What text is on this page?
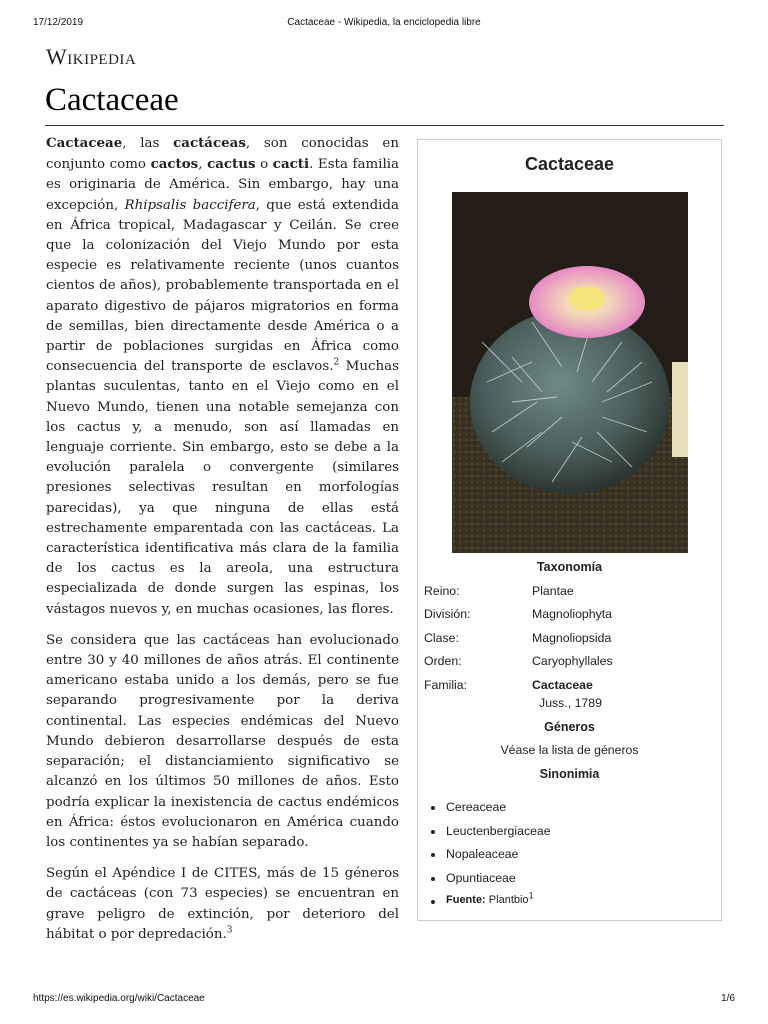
17/12/2019	Cactaceae - Wikipedia, la enciclopedia libre
Wikipedia
Cactaceae

Cactaceae, las cactáceas, son conocidas en conjunto como cactos, cactus o cacti. Esta familia es originaria de América. Sin embargo, hay una excepción, Rhipsalis baccifera, que está extendida en África tropical, Madagascar y Ceilán. Se cree que la colonización del Viejo Mundo por esta especie es relativamente reciente (unos cuantos cientos de años), probablemente transportada en el aparato digestivo de pájaros migratorios en forma de semillas, bien directamente desde América o a partir de poblaciones surgidas en África como consecuencia del transporte de esclavos.$^2$ Muchas plantas suculentas, tanto en el Viejo como en el Nuevo Mundo, tienen una notable semejanza con los cactus y, a menudo, son así llamadas en lenguaje corriente. Sin embargo, esto se debe a la evolución paralela o convergente (similares presiones selectivas resultan en morfologías parecidas), ya que ninguna de ellas está estrechamente emparentada con las cactáceas. La característica identificativa más clara de la familia de los cactus es la areola, una estructura especializada de donde surgen las espinas, los vástagos nuevos y, en muchas ocasiones, las flores.

Se considera que las cactáceas han evolucionado entre 30 y 40 millones de años atrás. El continente americano estaba unido a los demás, pero se fue separando progresivamente por la deriva continental. Las especies endémicas del Nuevo Mundo debieron desarrollarse después de esta separación; el distanciamiento significativo se alcanzó en los últimos 50 millones de años. Esto podría explicar la inexistencia de cactus endémicos en África: éstos evolucionaron en América cuando los continentes ya se habían separado.

Según el Apéndice I de CITES, más de 15 géneros de cactáceas (con 73 especies) se encuentran en grave peligro de extinción, por deterioro del hábitat o por depredación.$^3$

Cactaceae
Taxonomía
Reino:	Plantae
División:	Magnoliophyta
Clase:	Magnoliopsida
Orden:	Caryophyllales
Familia:	Cactaceae
Juss., 1789
Géneros
Véase la lista de géneros
Sinonimia
Cereaceae
Leuctenbergiaceae
Nopaleaceae
Opuntiaceae
Fuente: Plantbio$^1$
https://es.wikipedia.org/wiki/Cactaceae	1/6
